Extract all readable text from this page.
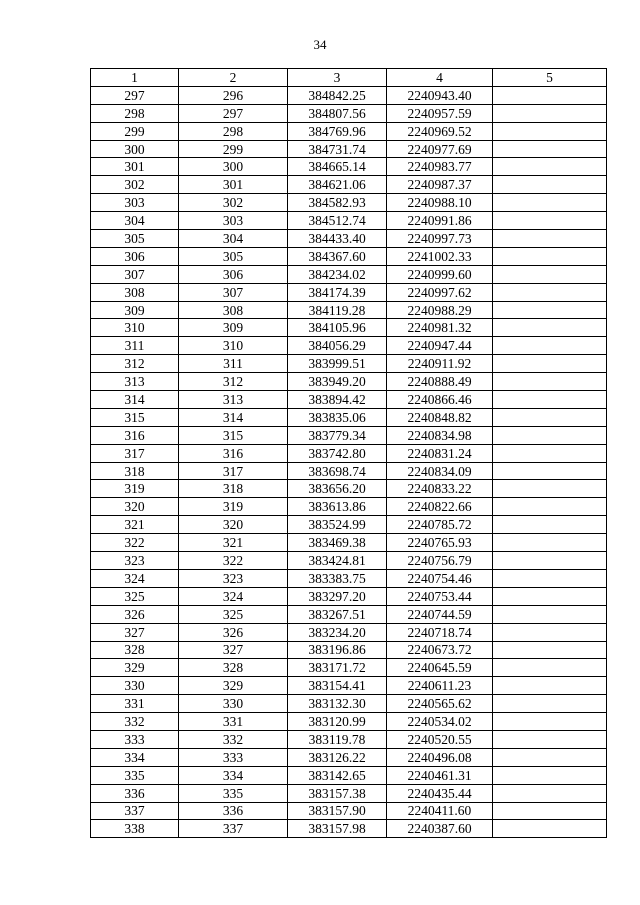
34
1	2	3	4	5
297	296	384842.25	2240943.40	
298	297	384807.56	2240957.59	
299	298	384769.96	2240969.52	
300	299	384731.74	2240977.69	
301	300	384665.14	2240983.77	
302	301	384621.06	2240987.37	
303	302	384582.93	2240988.10	
304	303	384512.74	2240991.86	
305	304	384433.40	2240997.73	
306	305	384367.60	2241002.33	
307	306	384234.02	2240999.60	
308	307	384174.39	2240997.62	
309	308	384119.28	2240988.29	
310	309	384105.96	2240981.32	
311	310	384056.29	2240947.44	
312	311	383999.51	2240911.92	
313	312	383949.20	2240888.49	
314	313	383894.42	2240866.46	
315	314	383835.06	2240848.82	
316	315	383779.34	2240834.98	
317	316	383742.80	2240831.24	
318	317	383698.74	2240834.09	
319	318	383656.20	2240833.22	
320	319	383613.86	2240822.66	
321	320	383524.99	2240785.72	
322	321	383469.38	2240765.93	
323	322	383424.81	2240756.79	
324	323	383383.75	2240754.46	
325	324	383297.20	2240753.44	
326	325	383267.51	2240744.59	
327	326	383234.20	2240718.74	
328	327	383196.86	2240673.72	
329	328	383171.72	2240645.59	
330	329	383154.41	2240611.23	
331	330	383132.30	2240565.62	
332	331	383120.99	2240534.02	
333	332	383119.78	2240520.55	
334	333	383126.22	2240496.08	
335	334	383142.65	2240461.31	
336	335	383157.38	2240435.44	
337	336	383157.90	2240411.60	
338	337	383157.98	2240387.60	
